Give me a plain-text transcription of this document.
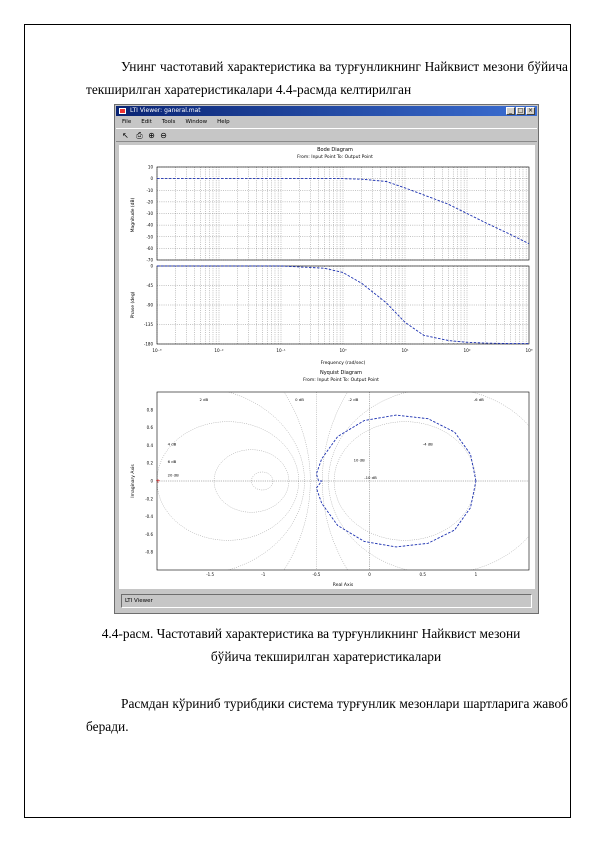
Унинг частотавий характеристика ва турғунликнинг Найквист мезони бўйича текширилган харатеристикалари 4.4-расмда келтирилган
LTI Viewer: ganeral.mat	_ □ ×
File Edit Tools Window Help
↖ ⎙ ⊕ ⊖
Bode Diagram
From: Input Point To: Output Point
10
0
-10
-20
-30
-40
-50
-60
-70
Magnitude (dB)
0
-45
-90
-135
-180
Phase (deg)
10⁻³	10⁻²	10⁻¹	10⁰	10¹	10²	10³
Frequency (rad/sec)
Nyquist Diagram
From: Input Point To: Output Point
0.8
0.6
0.4
0.2
0
-0.2
-0.4
-0.6
-0.8
-1.5	-1	-0.5	0	0.5	1
Imaginary Axis
Real Axis
2 dB	0 dB	-2 dB
4 dB
6 dB	10 dB
20 dB
-4 dB
-6 dB
-10 dB
+
LTI Viewer
4.4-расм. Частотавий характеристика ва турғунликнинг Найквист мезони
бўйича текширилган харатеристикалари
Расмдан кўриниб турибдики система турғунлик мезонлари шартларига жавоб беради.
